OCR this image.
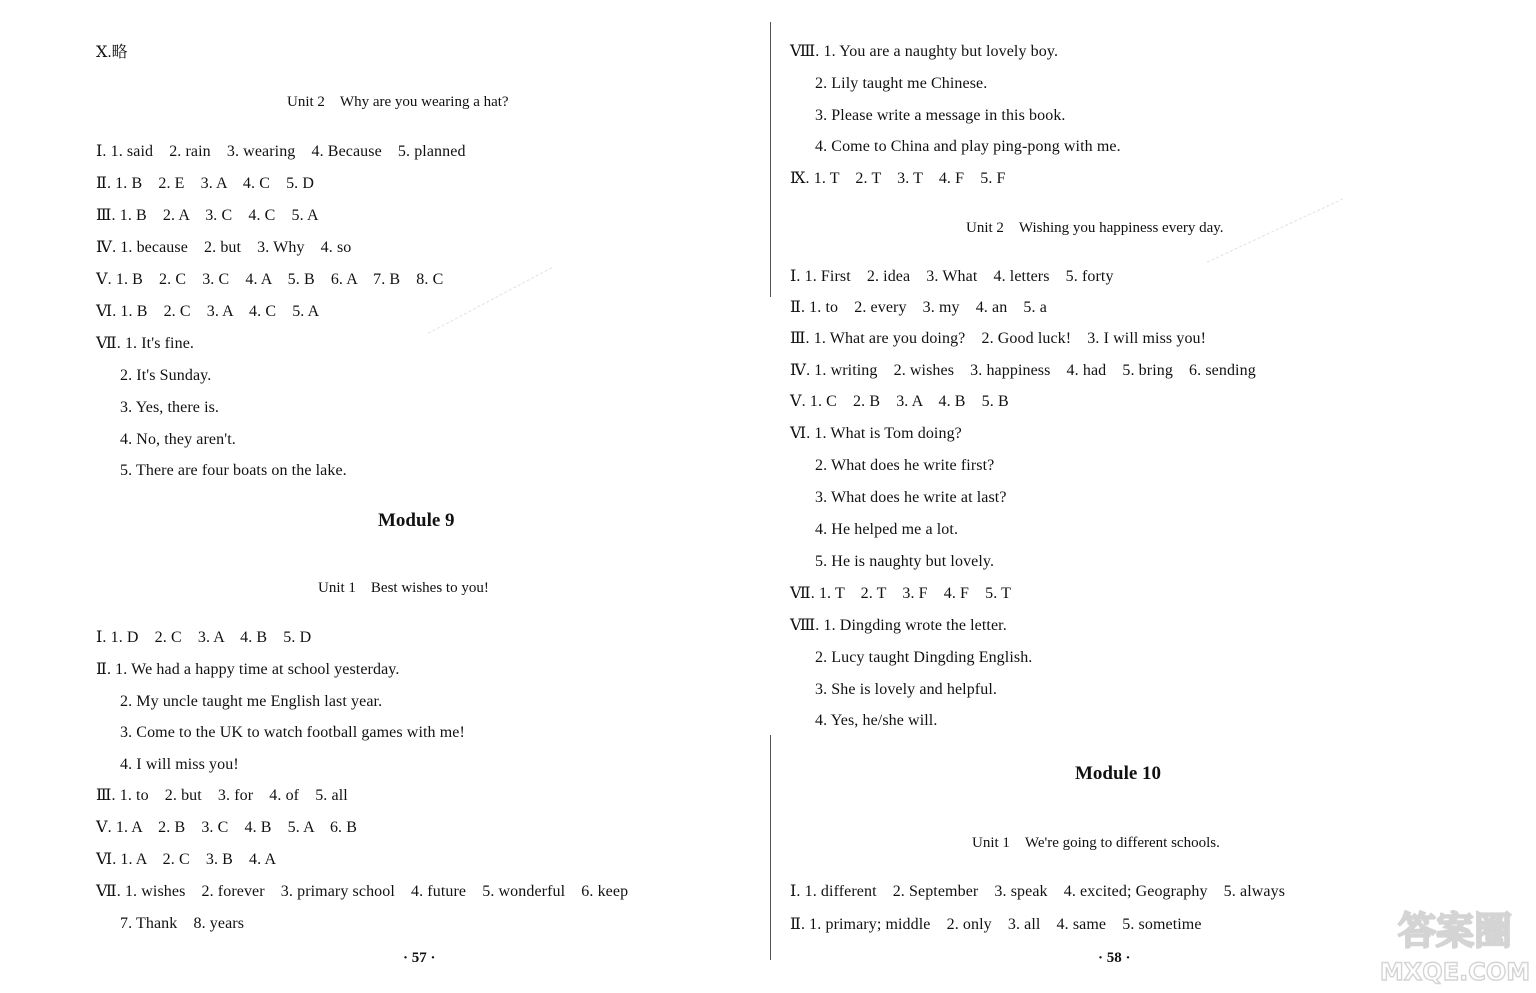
Ⅹ.略
Unit 2　Why are you wearing a hat?
Ⅰ. 1. said　2. rain　3. wearing　4. Because　5. planned
Ⅱ. 1. B　2. E　3. A　4. C　5. D
Ⅲ. 1. B　2. A　3. C　4. C　5. A
Ⅳ. 1. because　2. but　3. Why　4. so
Ⅴ. 1. B　2. C　3. C　4. A　5. B　6. A　7. B　8. C
Ⅵ. 1. B　2. C　3. A　4. C　5. A
Ⅶ. 1. It's fine.
2. It's Sunday.
3. Yes, there is.
4. No, they aren't.
5. There are four boats on the lake.
Module 9
Unit 1　Best wishes to you!
Ⅰ. 1. D　2. C　3. A　4. B　5. D
Ⅱ. 1. We had a happy time at school yesterday.
2. My uncle taught me English last year.
3. Come to the UK to watch football games with me!
4. I will miss you!
Ⅲ. 1. to　2. but　3. for　4. of　5. all
Ⅴ. 1. A　2. B　3. C　4. B　5. A　6. B
Ⅵ. 1. A　2. C　3. B　4. A
Ⅶ. 1. wishes　2. forever　3. primary school　4. future　5. wonderful　6. keep
7. Thank　8. years
· 57 ·
Ⅷ. 1. You are a naughty but lovely boy.
2. Lily taught me Chinese.
3. Please write a message in this book.
4. Come to China and play ping-pong with me.
Ⅸ. 1. T　2. T　3. T　4. F　5. F
Unit 2　Wishing you happiness every day.
Ⅰ. 1. First　2. idea　3. What　4. letters　5. forty
Ⅱ. 1. to　2. every　3. my　4. an　5. a
Ⅲ. 1. What are you doing?　2. Good luck!　3. I will miss you!
Ⅳ. 1. writing　2. wishes　3. happiness　4. had　5. bring　6. sending
Ⅴ. 1. C　2. B　3. A　4. B　5. B
Ⅵ. 1. What is Tom doing?
2. What does he write first?
3. What does he write at last?
4. He helped me a lot.
5. He is naughty but lovely.
Ⅶ. 1. T　2. T　3. F　4. F　5. T
Ⅷ. 1. Dingding wrote the letter.
2. Lucy taught Dingding English.
3. She is lovely and helpful.
4. Yes, he/she will.
Module 10
Unit 1　We're going to different schools.
Ⅰ. 1. different　2. September　3. speak　4. excited; Geography　5. always
Ⅱ. 1. primary; middle　2. only　3. all　4. same　5. sometime
· 58 ·
答案圈
MXQE.COM
